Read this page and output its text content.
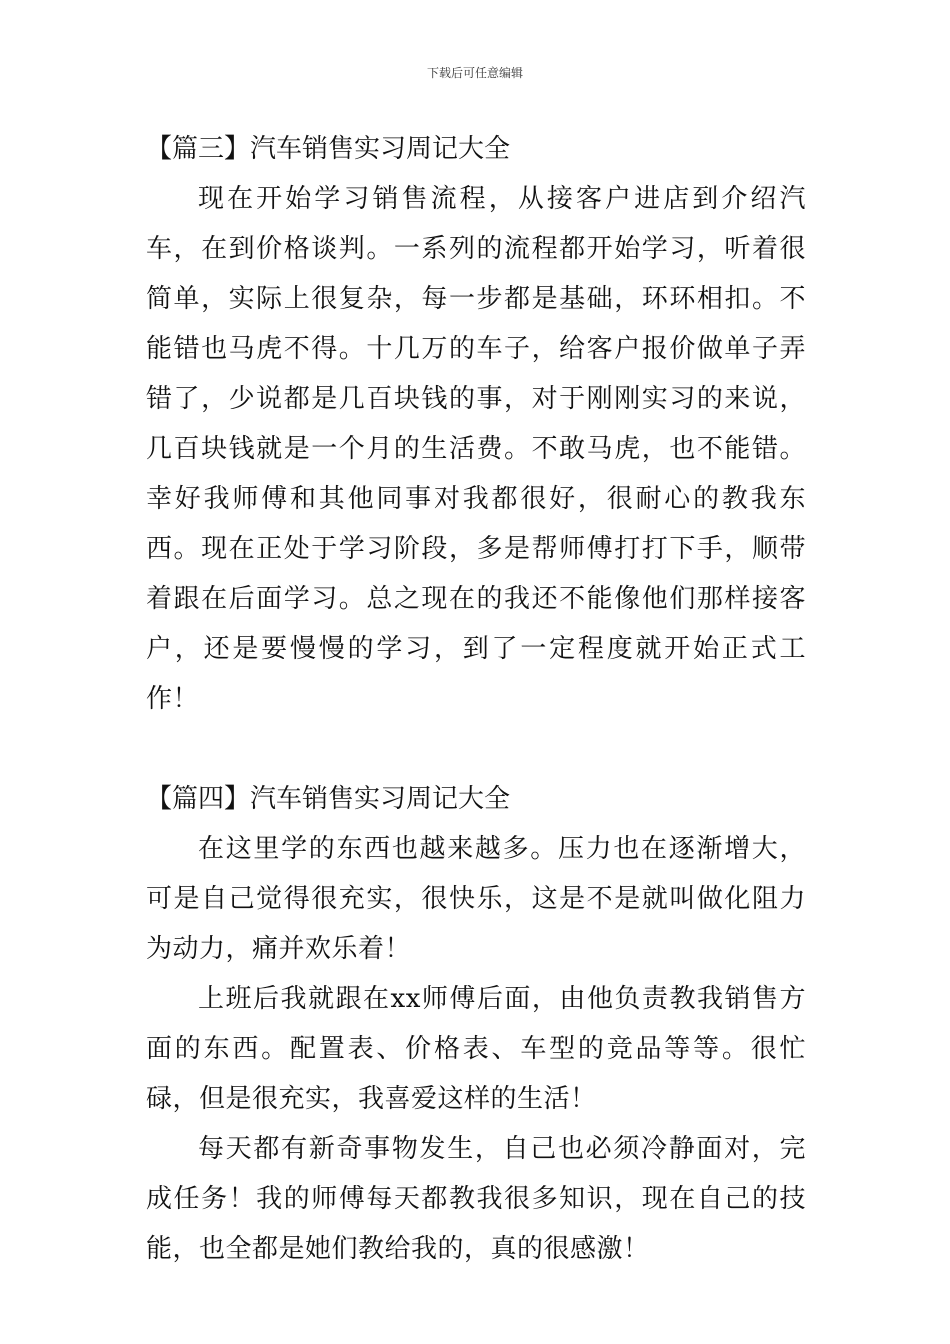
下载后可任意编辑

【篇三】汽车销售实习周记大全

现在开始学习销售流程，从接客户进店到介绍汽车，在到价格谈判。一系列的流程都开始学习，听着很简单，实际上很复杂，每一步都是基础，环环相扣。不能错也马虎不得。十几万的车子，给客户报价做单子弄错了，少说都是几百块钱的事，对于刚刚实习的来说，几百块钱就是一个月的生活费。不敢马虎，也不能错。幸好我师傅和其他同事对我都很好，很耐心的教我东西。现在正处于学习阶段，多是帮师傅打打下手，顺带着跟在后面学习。总之现在的我还不能像他们那样接客户，还是要慢慢的学习，到了一定程度就开始正式工作！

【篇四】汽车销售实习周记大全

在这里学的东西也越来越多。压力也在逐渐增大，可是自己觉得很充实，很快乐，这是不是就叫做化阻力为动力，痛并欢乐着！

上班后我就跟在xx师傅后面，由他负责教我销售方面的东西。配置表、价格表、车型的竞品等等。很忙碌，但是很充实，我喜爱这样的生活！

每天都有新奇事物发生，自己也必须冷静面对，完成任务！我的师傅每天都教我很多知识，现在自己的技能，也全都是她们教给我的，真的很感激！
